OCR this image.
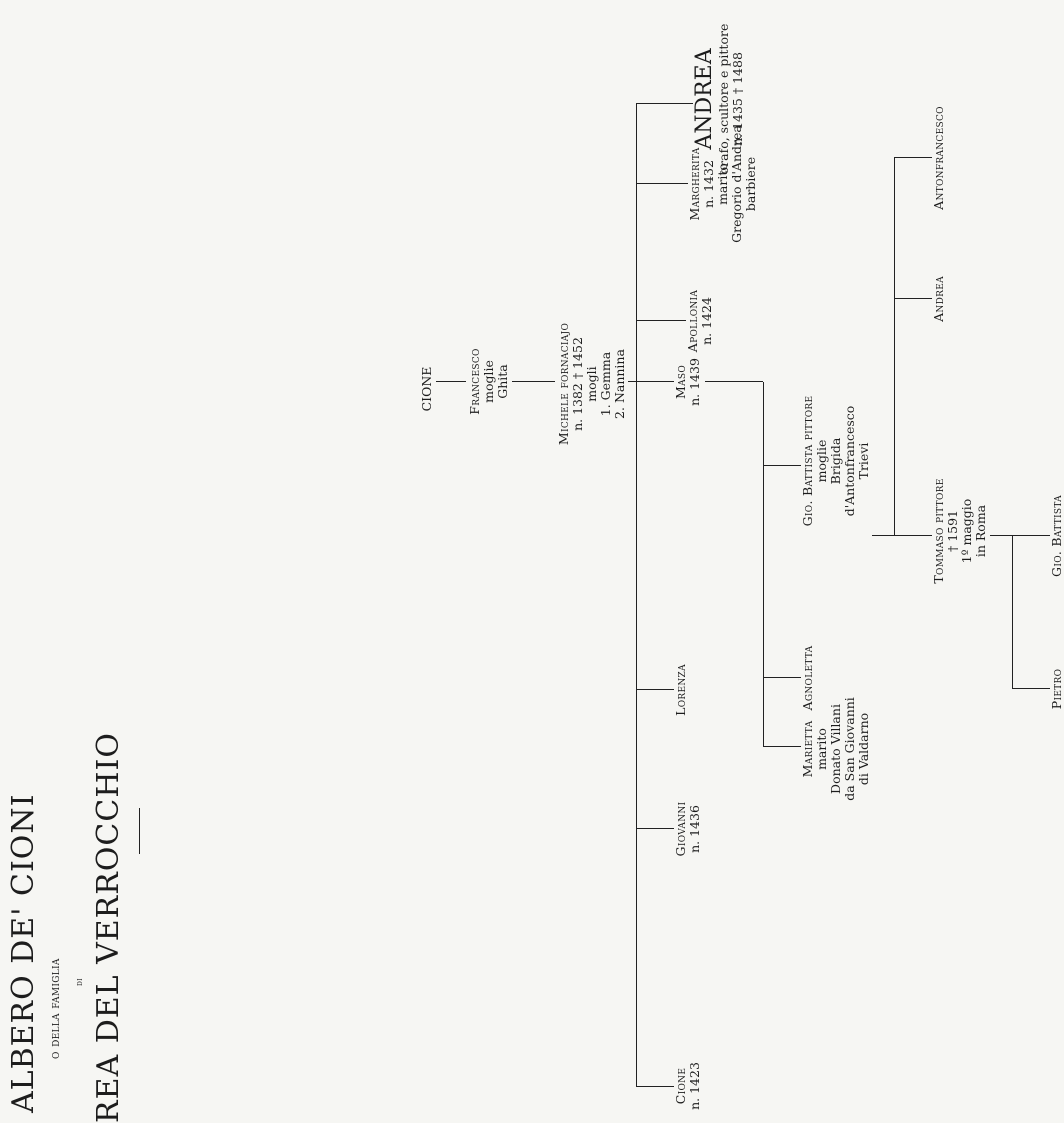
ALBERO DE' CIONI o della famiglia di REA DEL VERROCCHIO
CIONE	Francesco moglie Ghita	Michele fornaciajo n. 1382 † 1452 mogli 1. Gemma 2. Nannina
Cione n. 1423
Giovanni n. 1436
Lorenza
Maso n. 1439
Apollonia n. 1424
Margherita n. 1432 marito Gregorio d'Andrea barbiere
ANDREA orafo, scultore e pittore n. 1435 † 1488
Marietta marito Donato Villani da San Giovanni di Valdarno
Agnoletta
Gio. Battista pittore moglie Brigida d'Antonfrancesco Trievi
Tommaso pittore † 1591 1º maggio in Roma
Andrea
Antonfrancesco
Pietro
Gio. Battista
